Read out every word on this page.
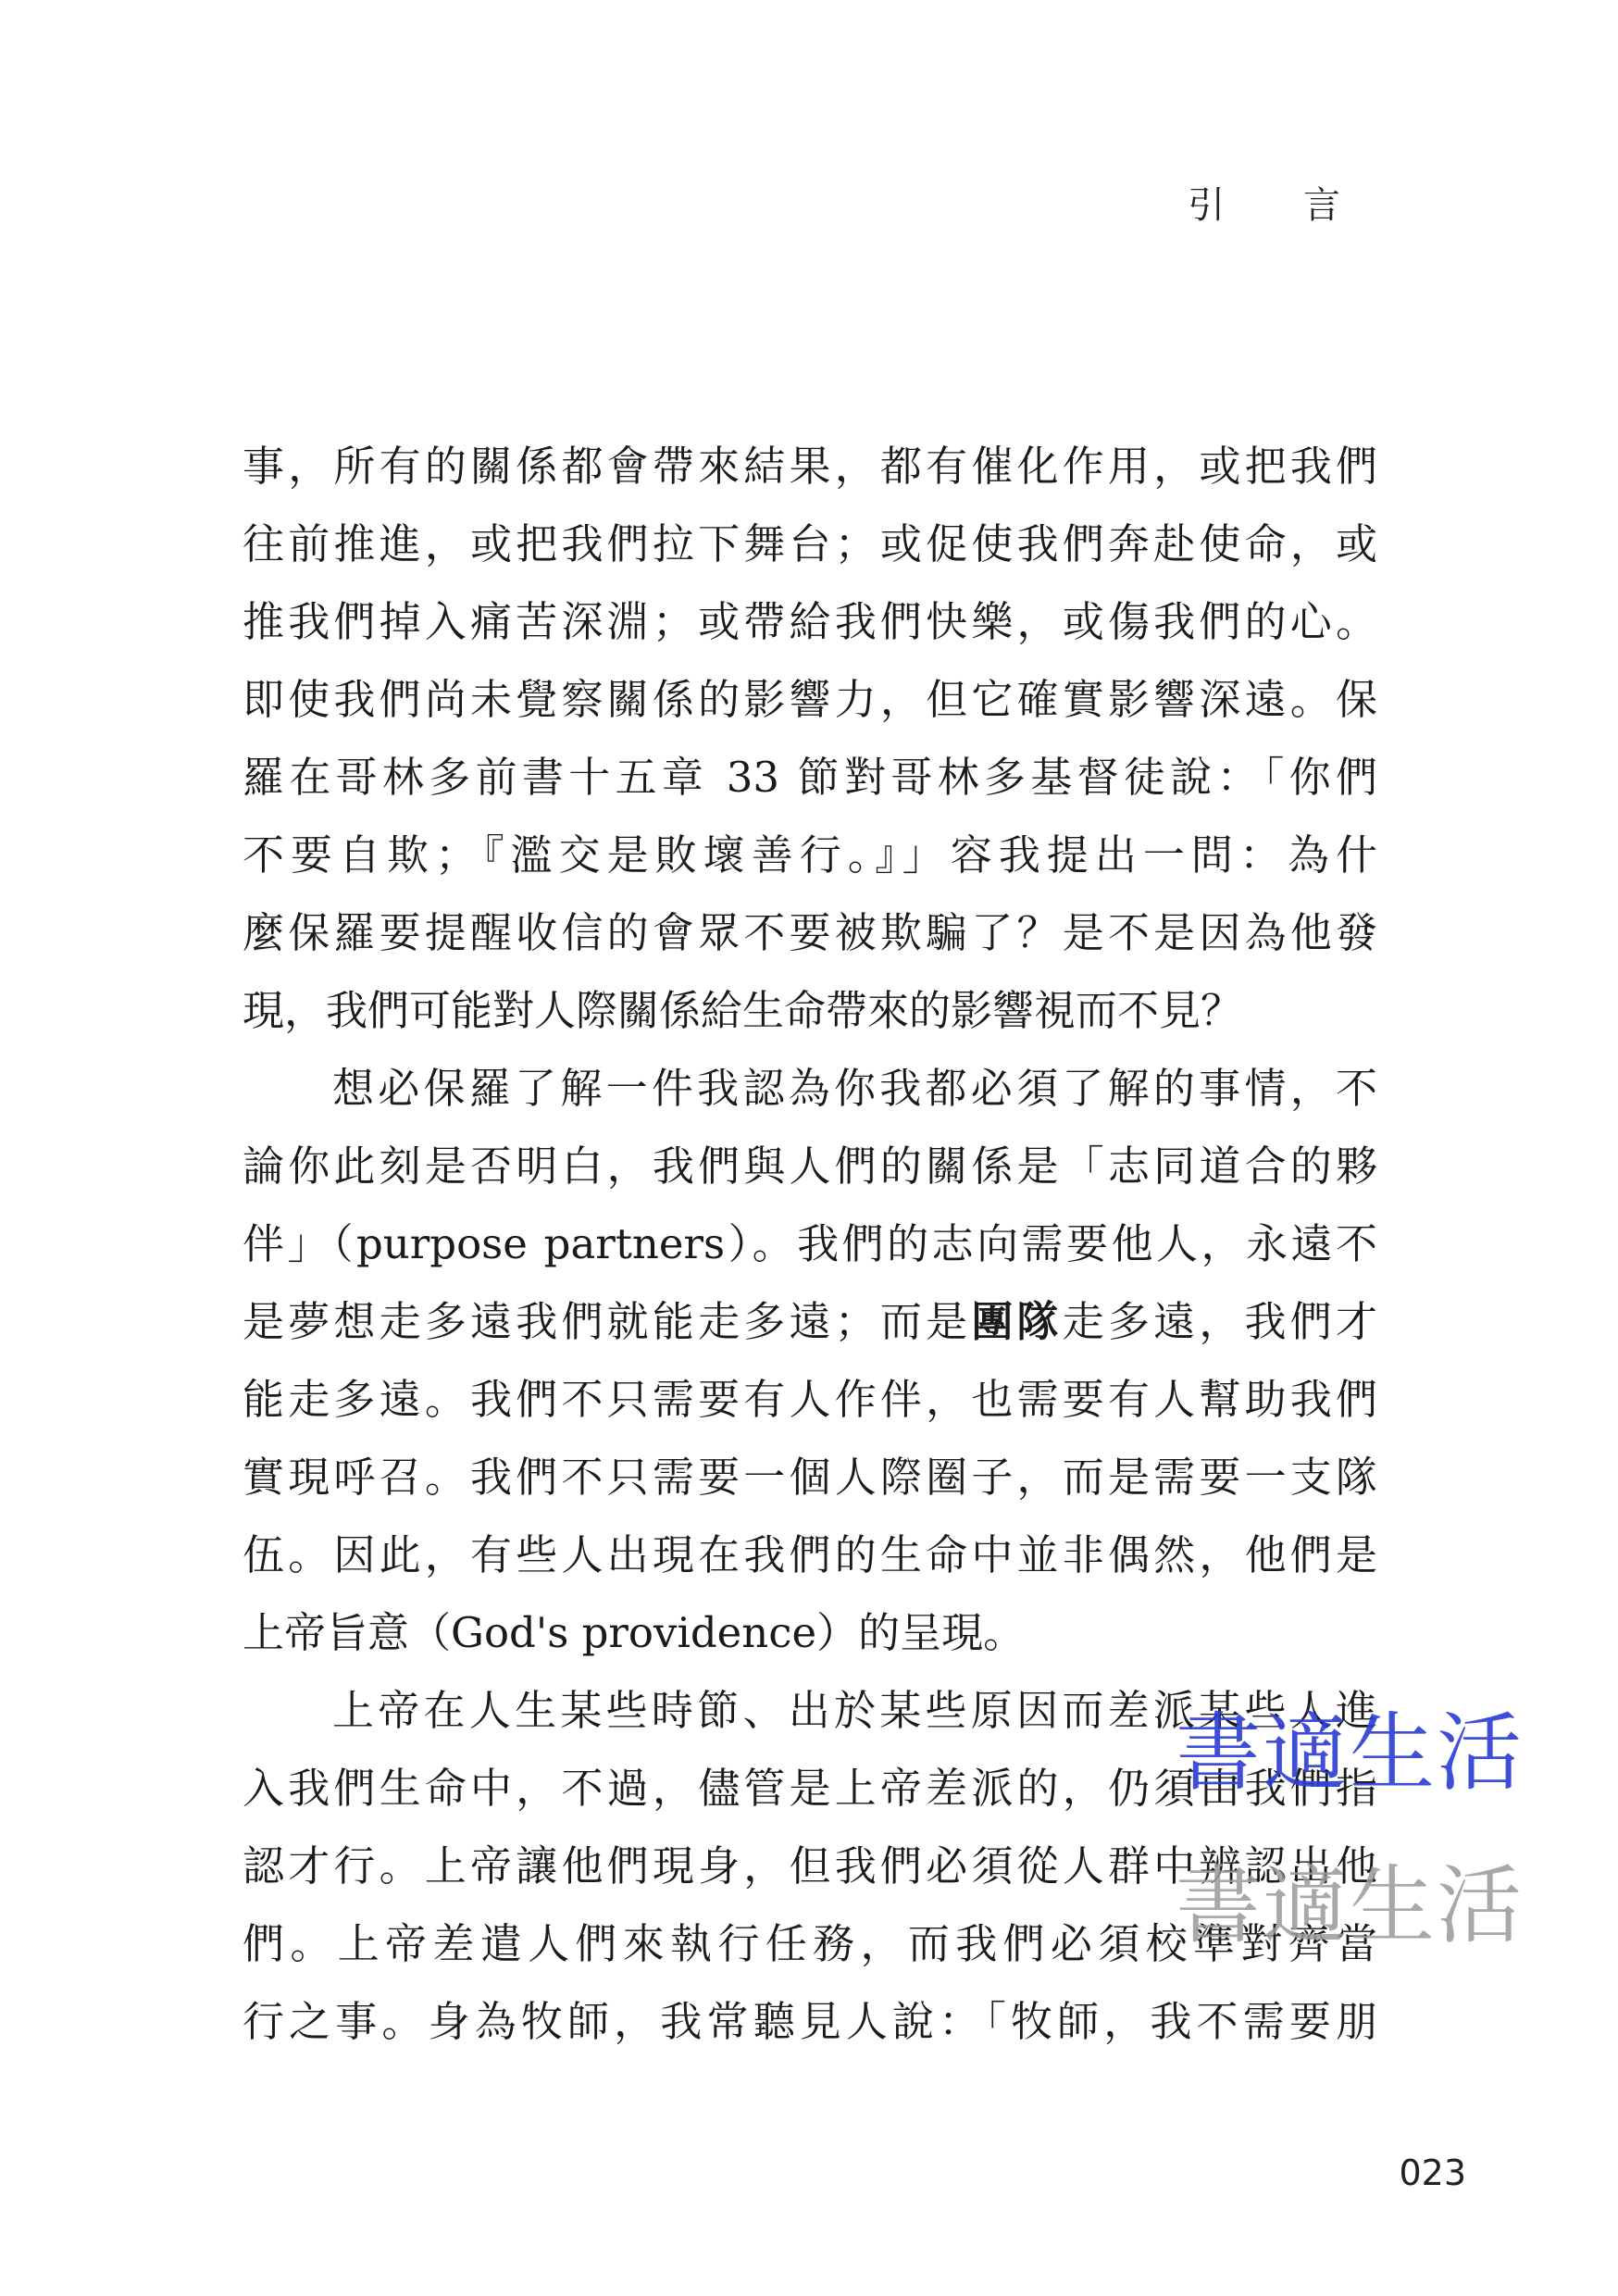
引 言
事，所有的關係都會帶來結果，都有催化作用，或把我們
往前推進，或把我們拉下舞台；或促使我們奔赴使命，或
推我們掉入痛苦深淵；或帶給我們快樂，或傷我們的心。
即使我們尚未覺察關係的影響力，但它確實影響深遠。保
羅在哥林多前書十五章 33 節對哥林多基督徒說：「你們
不要自欺；『濫交是敗壞善行。』」容我提出一問：為什
麼保羅要提醒收信的會眾不要被欺騙了？是不是因為他發
現，我們可能對人際關係給生命帶來的影響視而不見？
想必保羅了解一件我認為你我都必須了解的事情，不
論你此刻是否明白，我們與人們的關係是「志同道合的夥
伴」（purpose partners）。我們的志向需要他人，永遠不
是夢想走多遠我們就能走多遠；而是團隊走多遠，我們才
能走多遠。我們不只需要有人作伴，也需要有人幫助我們
實現呼召。我們不只需要一個人際圈子，而是需要一支隊
伍。因此，有些人出現在我們的生命中並非偶然，他們是
上帝旨意（God's providence）的呈現。
上帝在人生某些時節、出於某些原因而差派某些人進
入我們生命中，不過，儘管是上帝差派的，仍須由我們指
認才行。上帝讓他們現身，但我們必須從人群中辨認出他
們。上帝差遣人們來執行任務，而我們必須校準對齊當
行之事。身為牧師，我常聽見人說：「牧師，我不需要朋
書適生活
書適生活
023
